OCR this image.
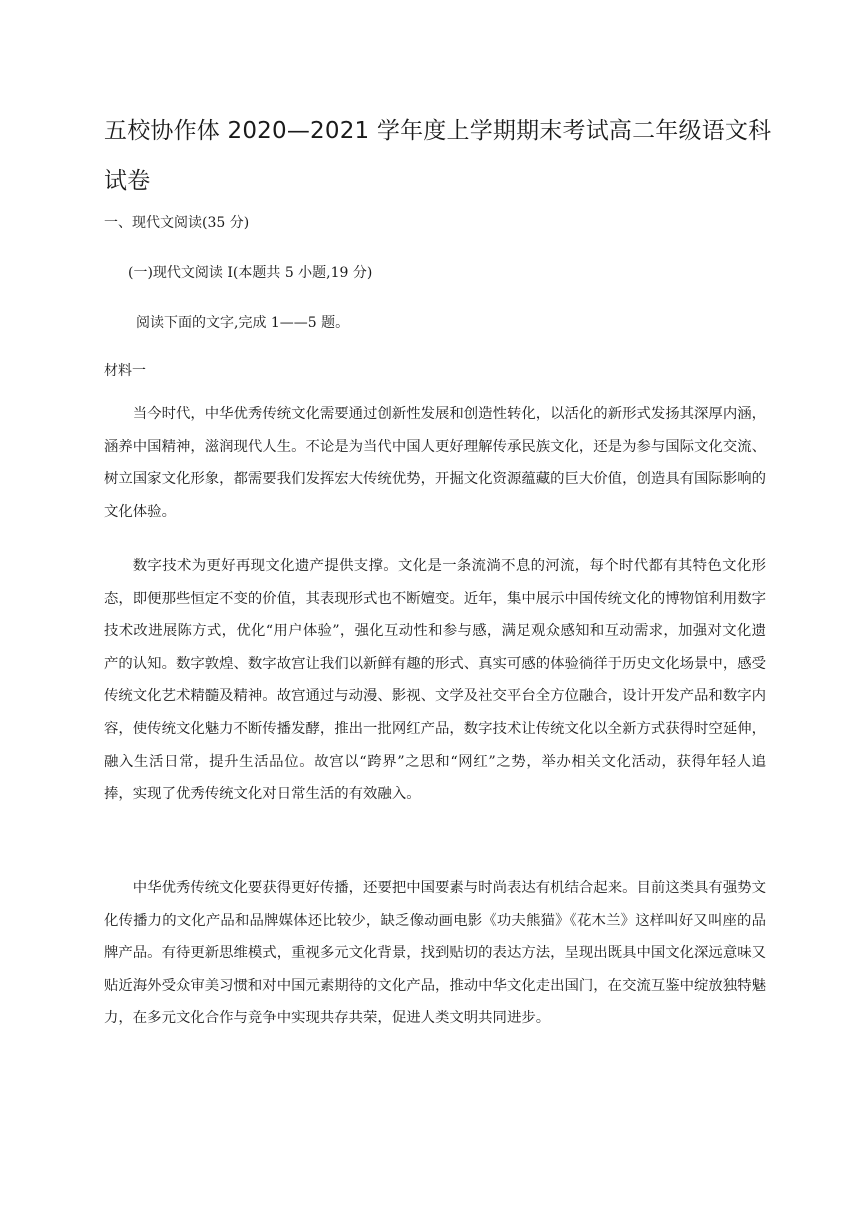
五校协作体 2020—2021 学年度上学期期末考试高二年级语文科试卷

一、现代文阅读(35 分)

(一)现代文阅读 I(本题共 5 小题,19 分)

阅读下面的文字,完成 1——5 题。

材料一

当今时代，中华优秀传统文化需要通过创新性发展和创造性转化，以活化的新形式发扬其深厚内涵，涵养中国精神，滋润现代人生。不论是为当代中国人更好理解传承民族文化，还是为参与国际文化交流、树立国家文化形象，都需要我们发挥宏大传统优势，开掘文化资源蕴藏的巨大价值，创造具有国际影响的文化体验。

数字技术为更好再现文化遗产提供支撑。文化是一条流淌不息的河流，每个时代都有其特色文化形态，即便那些恒定不变的价值，其表现形式也不断嬗变。近年，集中展示中国传统文化的博物馆利用数字技术改进展陈方式，优化“用户体验”，强化互动性和参与感，满足观众感知和互动需求，加强对文化遗产的认知。数字敦煌、数字故宫让我们以新鲜有趣的形式、真实可感的体验徜徉于历史文化场景中，感受传统文化艺术精髓及精神。故宫通过与动漫、影视、文学及社交平台全方位融合，设计开发产品和数字内容，使传统文化魅力不断传播发酵，推出一批网红产品，数字技术让传统文化以全新方式获得时空延伸，融入生活日常，提升生活品位。故宫以“跨界”之思和“网红”之势，举办相关文化活动，获得年轻人追捧，实现了优秀传统文化对日常生活的有效融入。

中华优秀传统文化要获得更好传播，还要把中国要素与时尚表达有机结合起来。目前这类具有强势文化传播力的文化产品和品牌媒体还比较少，缺乏像动画电影《功夫熊猫》《花木兰》这样叫好又叫座的品牌产品。有待更新思维模式，重视多元文化背景，找到贴切的表达方法，呈现出既具中国文化深远意味又贴近海外受众审美习惯和对中国元素期待的文化产品，推动中华文化走出国门，在交流互鉴中绽放独特魅力，在多元文化合作与竞争中实现共存共荣，促进人类文明共同进步。
